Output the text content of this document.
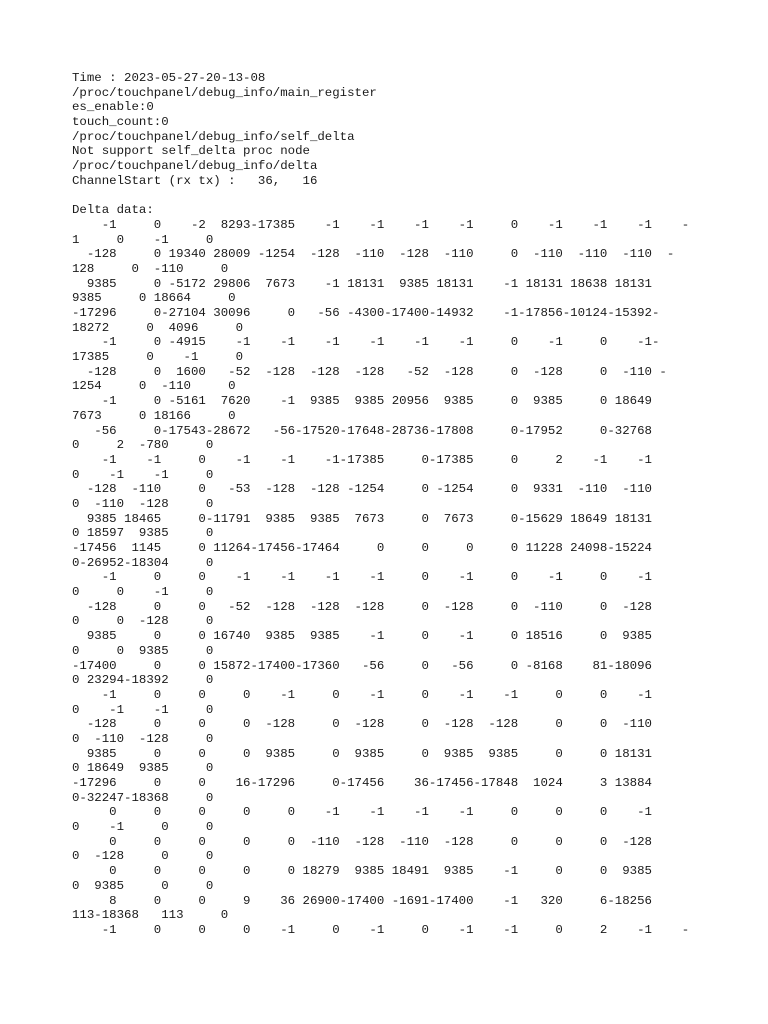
Time : 2023-05-27-20-13-08
/proc/touchpanel/debug_info/main_register
es_enable:0
touch_count:0
/proc/touchpanel/debug_info/self_delta
Not support self_delta proc node
/proc/touchpanel/debug_info/delta
ChannelStart (rx tx) :   36,   16
Delta data:
-1     0    -2  8293-17385    -1    -1    -1    -1     0    -1    -1    -1    -
1     0    -1     0
-128     0 19340 28009 -1254  -128  -110  -128  -110     0  -110  -110  -110  -
128     0  -110     0
9385     0 -5172 29806  7673    -1 18131  9385 18131    -1 18131 18638 18131
9385     0 18664     0
-17296     0-27104 30096     0   -56 -4300-17400-14932    -1-17856-10124-15392-
18272     0  4096     0
-1     0 -4915    -1    -1    -1    -1    -1    -1     0    -1     0    -1-
17385     0    -1     0
-128     0  1600   -52  -128  -128  -128   -52  -128     0  -128     0  -110 -
1254     0  -110     0
-1     0 -5161  7620    -1  9385  9385 20956  9385     0  9385     0 18649
7673     0 18166     0
-56     0-17543-28672   -56-17520-17648-28736-17808     0-17952     0-32768
0     2  -780     0
-1    -1     0    -1    -1    -1-17385     0-17385     0     2    -1    -1
0    -1    -1     0
-128  -110     0   -53  -128  -128 -1254     0 -1254     0  9331  -110  -110
0  -110  -128     0
9385 18465     0-11791  9385  9385  7673     0  7673     0-15629 18649 18131
0 18597  9385     0
-17456  1145     0 11264-17456-17464     0     0     0     0 11228 24098-15224
0-26952-18304     0
-1     0     0    -1    -1    -1    -1     0    -1     0    -1     0    -1
0     0    -1     0
-128     0     0   -52  -128  -128  -128     0  -128     0  -110     0  -128
0     0  -128     0
9385     0     0 16740  9385  9385    -1     0    -1     0 18516     0  9385
0     0  9385     0
-17400     0     0 15872-17400-17360   -56     0   -56     0 -8168    81-18096
0 23294-18392     0
-1     0     0     0    -1     0    -1     0    -1    -1     0     0    -1
0    -1    -1     0
-128     0     0     0  -128     0  -128     0  -128  -128     0     0  -110
0  -110  -128     0
9385     0     0     0  9385     0  9385     0  9385  9385     0     0 18131
0 18649  9385     0
-17296     0     0    16-17296     0-17456    36-17456-17848  1024     3 13884
0-32247-18368     0
0     0     0     0     0    -1    -1    -1    -1     0     0     0    -1
0    -1     0     0
0     0     0     0     0  -110  -128  -110  -128     0     0     0  -128
0  -128     0     0
0     0     0     0     0 18279  9385 18491  9385    -1     0     0  9385
0  9385     0     0
8     0     0     9    36 26900-17400 -1691-17400    -1   320     6-18256
113-18368   113     0
-1     0     0     0    -1     0    -1     0    -1    -1     0     2    -1    -
